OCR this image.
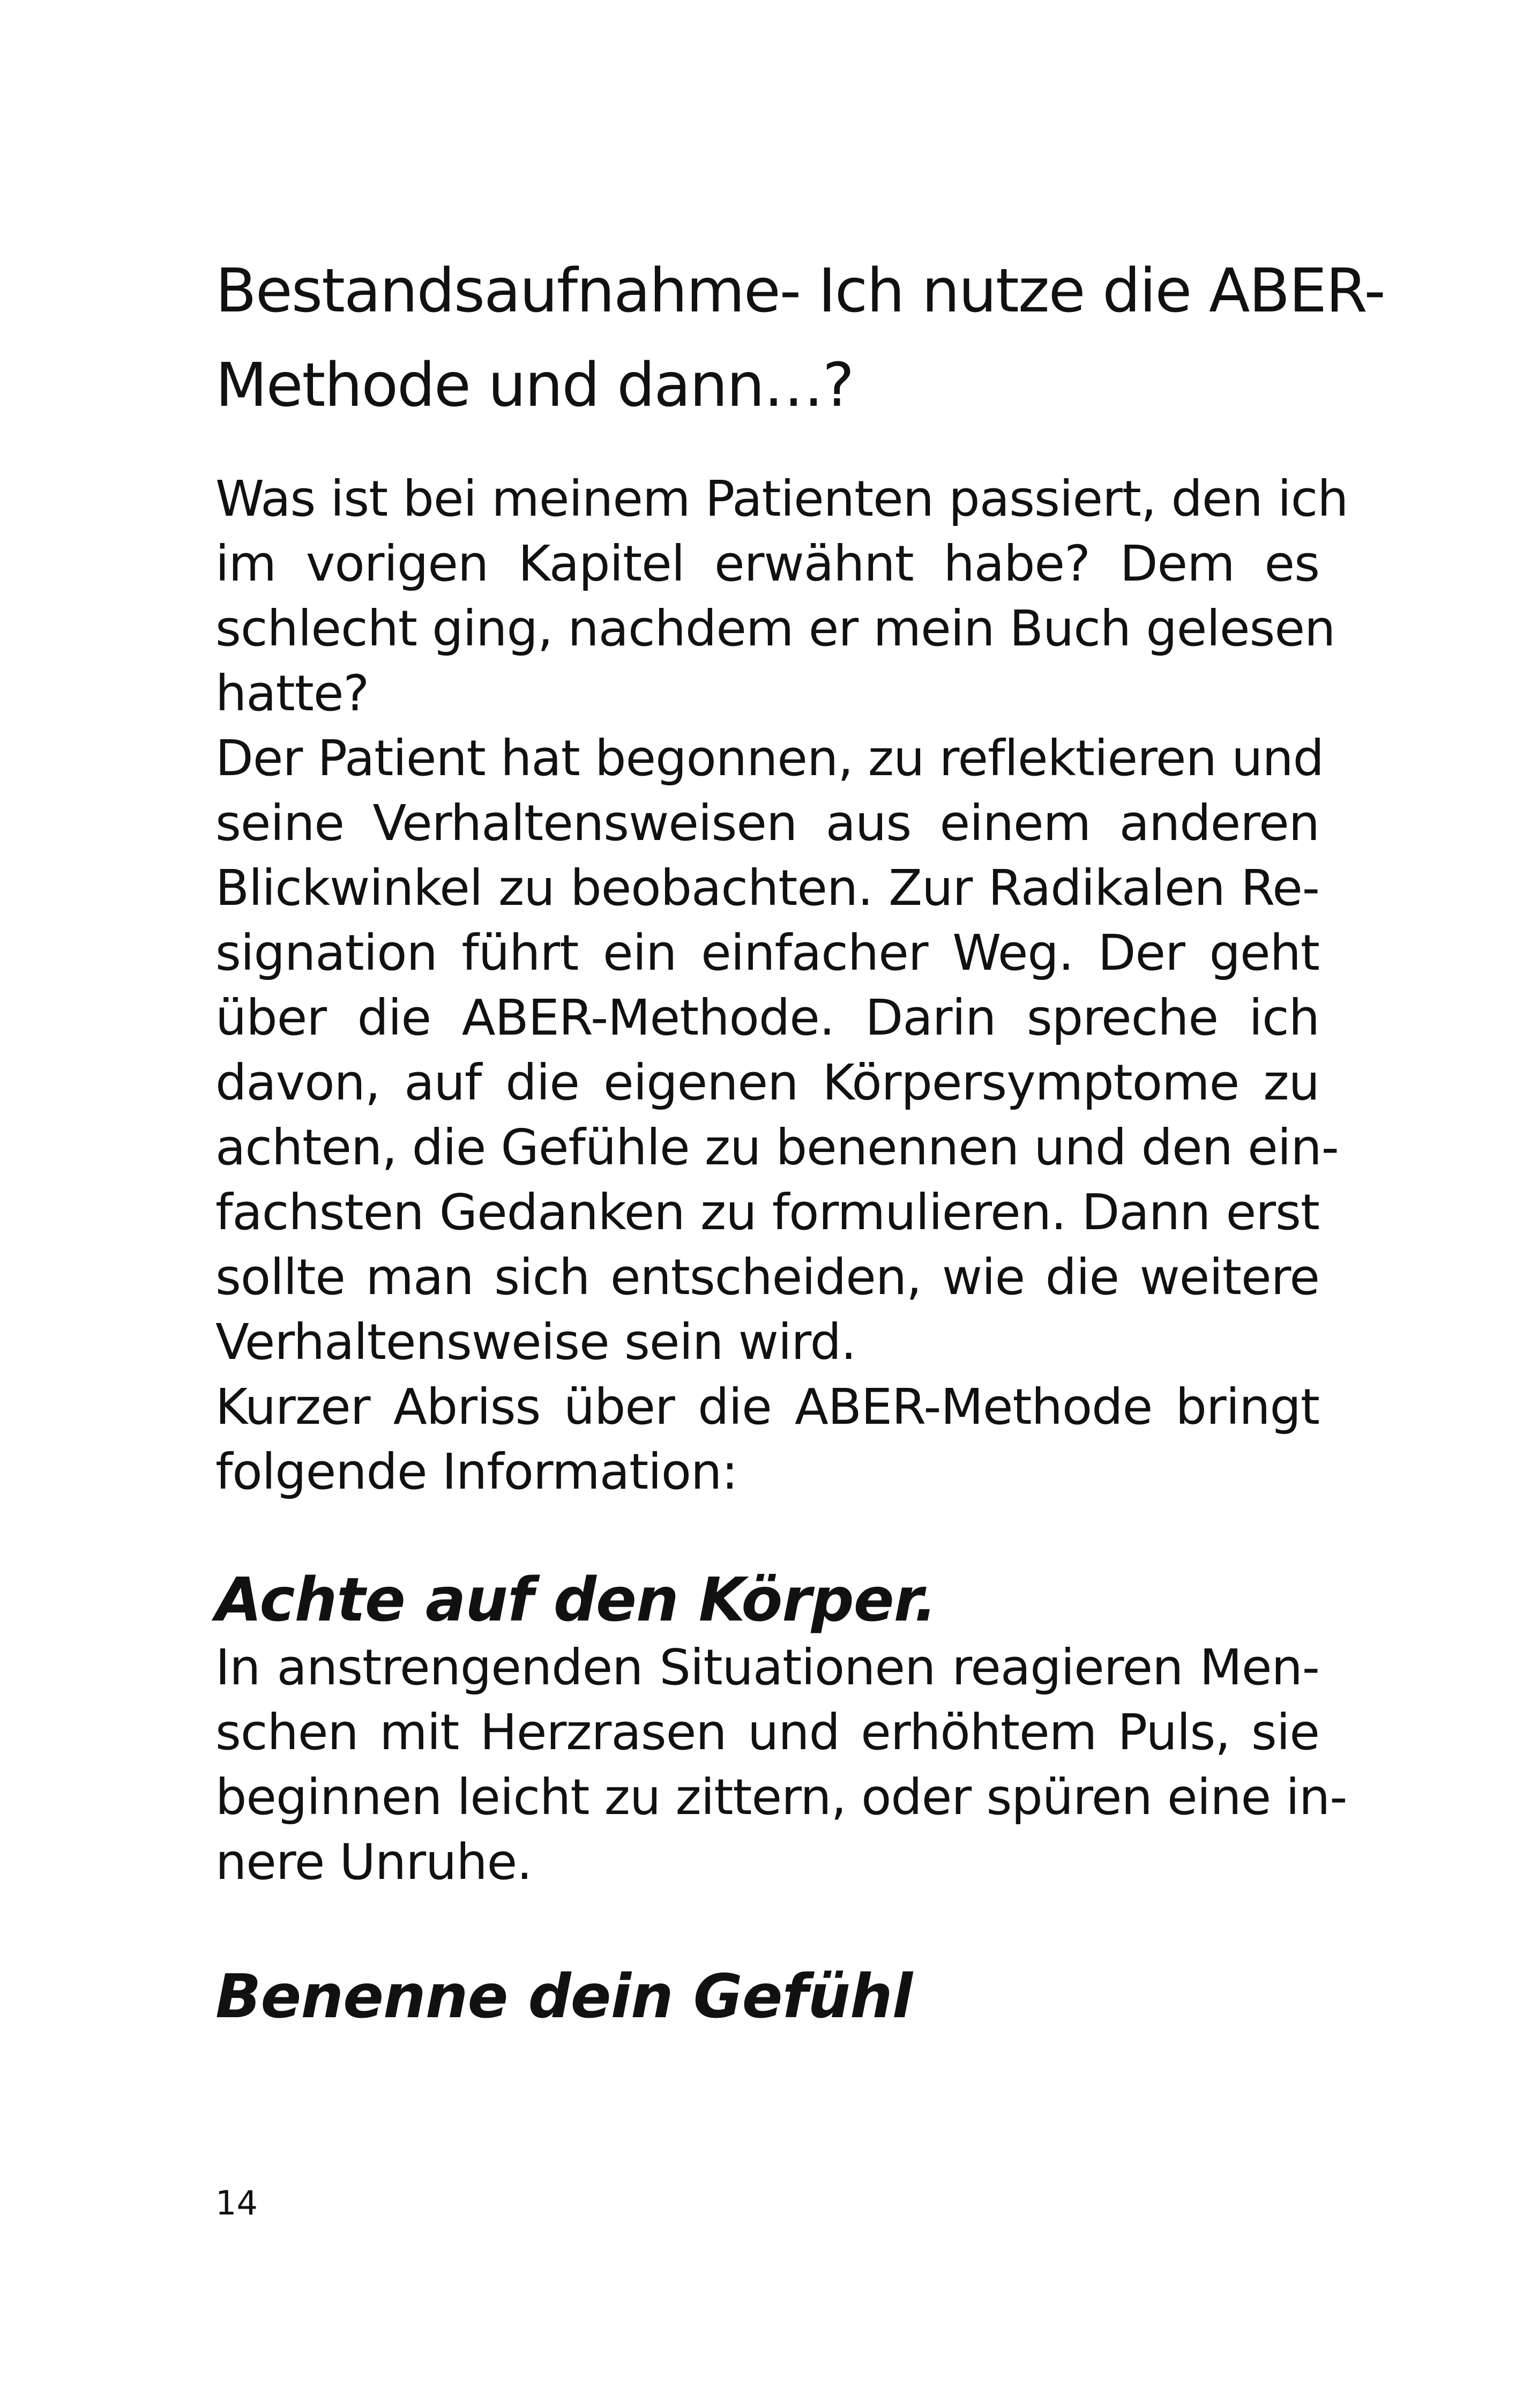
Bestandsaufnahme- Ich nutze die ABER-
Methode und dann…?
Was ist bei meinem Patienten passiert, den ich
im vorigen Kapitel erwähnt habe? Dem es
schlecht ging, nachdem er mein Buch gelesen
hatte?
Der Patient hat begonnen, zu reflektieren und
seine Verhaltensweisen aus einem anderen
Blickwinkel zu beobachten. Zur Radikalen Re-
signation führt ein einfacher Weg. Der geht
über die ABER-Methode. Darin spreche ich
davon, auf die eigenen Körpersymptome zu
achten, die Gefühle zu benennen und den ein-
fachsten Gedanken zu formulieren. Dann erst
sollte man sich entscheiden, wie die weitere
Verhaltensweise sein wird.
Kurzer Abriss über die ABER-Methode bringt
folgende Information:
Achte auf den Körper.
In anstrengenden Situationen reagieren Men-
schen mit Herzrasen und erhöhtem Puls, sie
beginnen leicht zu zittern, oder spüren eine in-
nere Unruhe.
Benenne dein Gefühl
14
